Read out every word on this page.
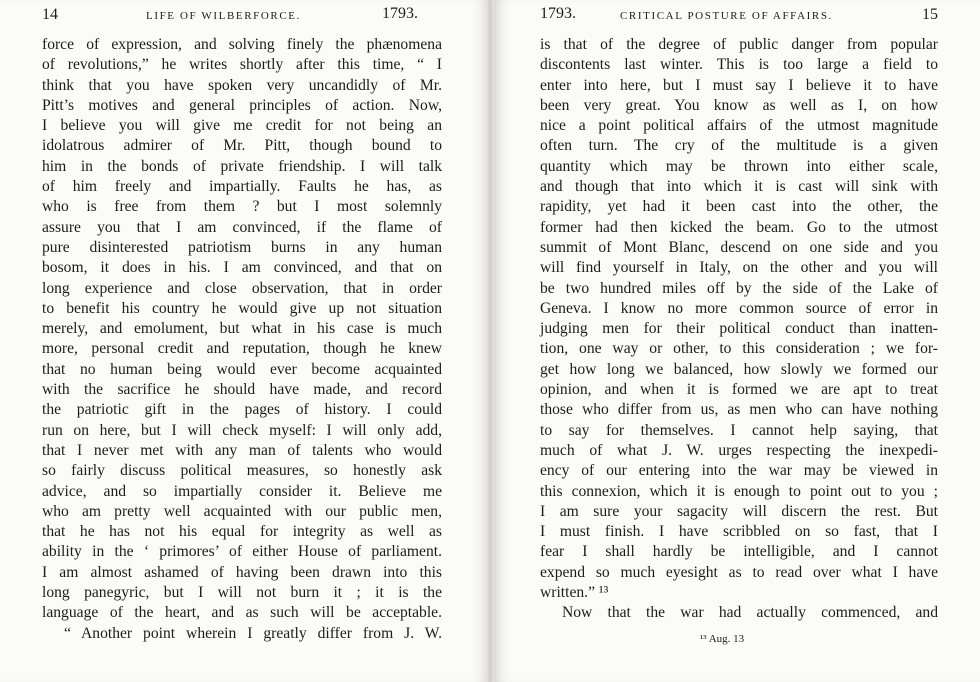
14	LIFE OF WILBERFORCE.	1793.	1793.	CRITICAL POSTURE OF AFFAIRS.	15
force of expression, and solving finely the phænomena
of revolutions,” he writes shortly after this time, “ I
think that you have spoken very uncandidly of Mr.
Pitt’s motives and general principles of action. Now,
I believe you will give me credit for not being an
idolatrous admirer of Mr. Pitt, though bound to
him in the bonds of private friendship. I will talk
of him freely and impartially. Faults he has, as
who is free from them ? but I most solemnly
assure you that I am convinced, if the flame of
pure disinterested patriotism burns in any human
bosom, it does in his. I am convinced, and that on
long experience and close observation, that in order
to benefit his country he would give up not situation
merely, and emolument, but what in his case is much
more, personal credit and reputation, though he knew
that no human being would ever become acquainted
with the sacrifice he should have made, and record
the patriotic gift in the pages of history. I could
run on here, but I will check myself: I will only add,
that I never met with any man of talents who would
so fairly discuss political measures, so honestly ask
advice, and so impartially consider it. Believe me
who am pretty well acquainted with our public men,
that he has not his equal for integrity as well as
ability in the ‘ primores’ of either House of parliament.
I am almost ashamed of having been drawn into this
long panegyric, but I will not burn it ; it is the
language of the heart, and as such will be acceptable.
“ Another point wherein I greatly differ from J. W.
is that of the degree of public danger from popular
discontents last winter. This is too large a field to
enter into here, but I must say I believe it to have
been very great. You know as well as I, on how
nice a point political affairs of the utmost magnitude
often turn. The cry of the multitude is a given
quantity which may be thrown into either scale,
and though that into which it is cast will sink with
rapidity, yet had it been cast into the other, the
former had then kicked the beam. Go to the utmost
summit of Mont Blanc, descend on one side and you
will find yourself in Italy, on the other and you will
be two hundred miles off by the side of the Lake of
Geneva. I know no more common source of error in
judging men for their political conduct than inatten-
tion, one way or other, to this consideration ; we for-
get how long we balanced, how slowly we formed our
opinion, and when it is formed we are apt to treat
those who differ from us, as men who can have nothing
to say for themselves. I cannot help saying, that
much of what J. W. urges respecting the inexpedi-
ency of our entering into the war may be viewed in
this connexion, which it is enough to point out to you ;
I am sure your sagacity will discern the rest. But
I must finish. I have scribbled on so fast, that I
fear I shall hardly be intelligible, and I cannot
expend so much eyesight as to read over what I have
written.” ¹³
Now that the war had actually commenced, and
¹³ Aug. 13
